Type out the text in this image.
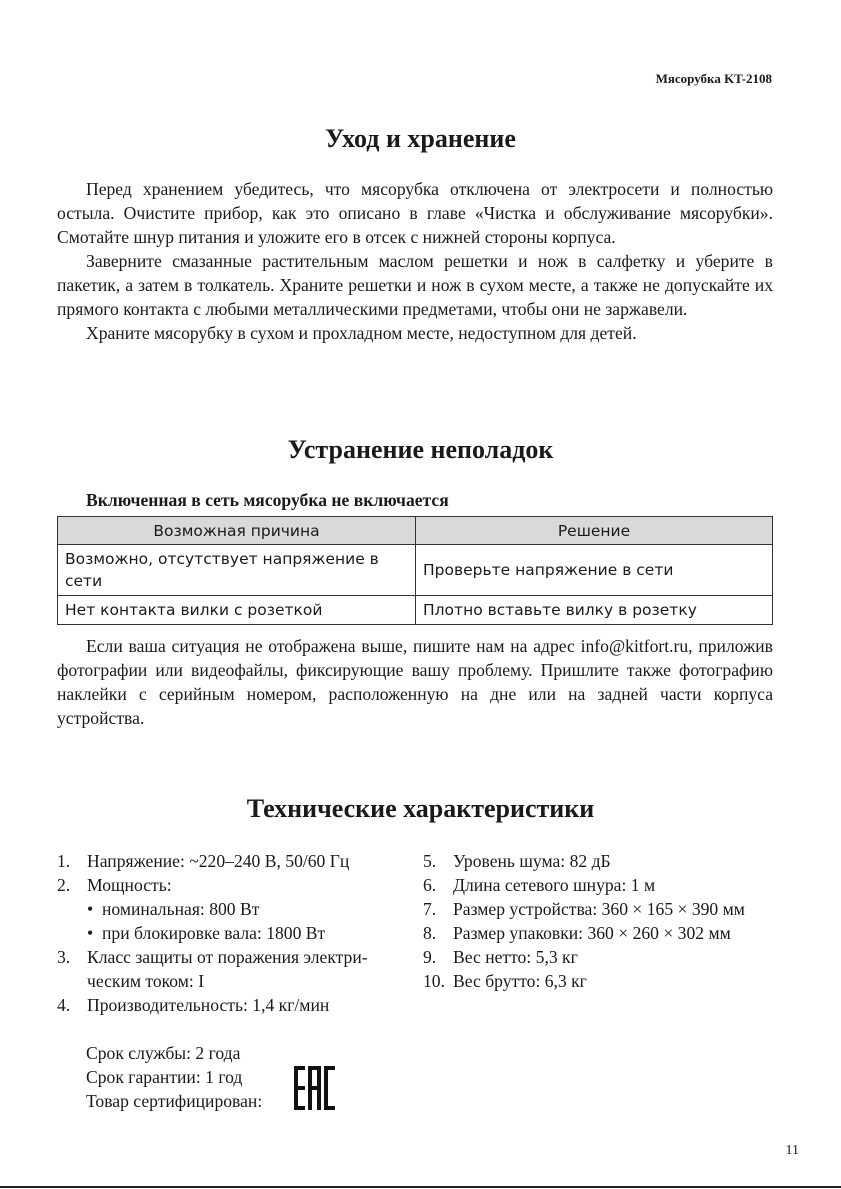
Мясорубка KT-2108
Уход и хранение

Перед хранением убедитесь, что мясорубка отключена от электросети и полностью остыла. Очистите прибор, как это описано в главе «Чистка и обслуживание мясорубки». Смотайте шнур питания и уложите его в отсек с нижней стороны корпуса.

Заверните смазанные растительным маслом решетки и нож в салфетку и уберите в пакетик, а затем в толкатель. Храните решетки и нож в сухом месте, а также не допускайте их прямого контакта с любыми металлическими предметами, чтобы они не заржавели.

Храните мясорубку в сухом и прохладном месте, недоступном для детей.

Устранение неполадок
Включенная в сеть мясорубка не включается
Возможная причина	Решение
Возможно, отсутствует напряжение в сети	Проверьте напряжение в сети
Нет контакта вилки с розеткой	Плотно вставьте вилку в розетку

Если ваша ситуация не отображена выше, пишите нам на адрес info@kitfort.ru, приложив фотографии или видеофайлы, фиксирующие вашу проблему. Пришлите также фотографию наклейки с серийным номером, расположенную на дне или на задней части корпуса устройства.

Технические характеристики
1. Напряжение: ~220–240 В, 50/60 Гц
2. Мощность:
• номинальная: 800 Вт
• при блокировке вала: 1800 Вт
3. Класс защиты от поражения электри-
ческим током: I
4. Производительность: 1,4 кг/мин
5. Уровень шума: 82 дБ
6. Длина сетевого шнура: 1 м
7. Размер устройства: 360 × 165 × 390 мм
8. Размер упаковки: 360 × 260 × 302 мм
9. Вес нетто: 5,3 кг
10. Вес брутто: 6,3 кг
Срок службы: 2 года
Срок гарантии: 1 год
Товар сертифицирован:
11
